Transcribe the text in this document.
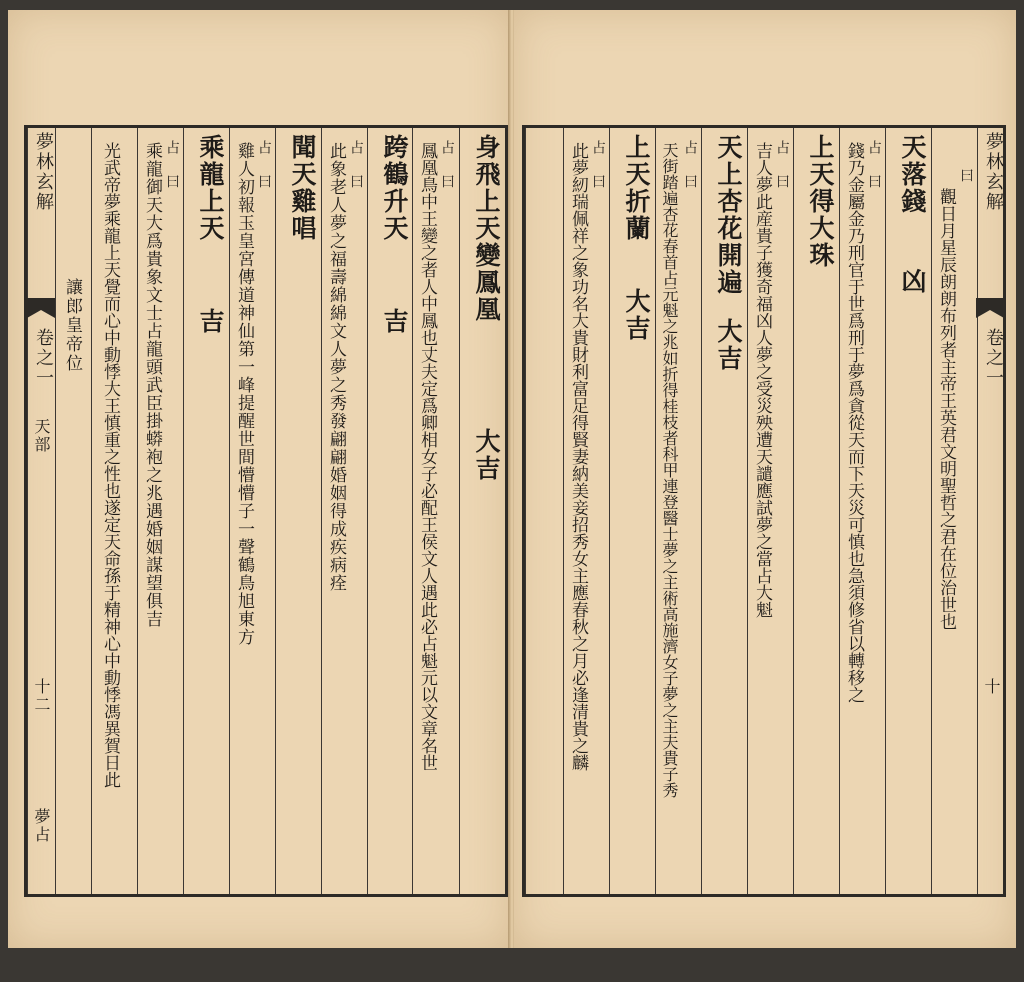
身飛上天變鳳凰
大吉
占 曰
鳳凰鳥中王變之者人中鳳也丈夫定爲卿相女子必配王侯文人遇此必占魁元以文章名世
跨鶴升天
吉
占 曰
此象老人夢之福壽綿綿文人夢之秀發翩翩婚姻得成疾病痊
聞天雞唱
占 曰
雞人初報玉皇宮傳道神仙第一峰提醒世間懵懵子一聲鶴鳥旭東方
乘龍上天
吉
占 曰
乘龍御天大爲貴象文士占龍頭武臣掛蟒袍之兆遇婚姻謀望俱吉
光武帝夢乘龍上天覺而心中動悸大王慎重之性也遂定天命孫于精神心中動悸馮異賀日此
讓郎皇帝位
夢林玄解
卷之一
天部
十二
夢占
夢林玄解
卷之一
十
曰
觀日月星辰朗朗布列者主帝王英君文明聖哲之君在位治世也
天落錢
凶
占 曰
錢乃金屬金乃刑官于世爲刑于夢爲貪從天而下天災可慎也急須修省以轉移之
上天得大珠
占 曰
吉人夢此産貴子獲奇福凶人夢之受災殃遭天譴應試夢之當占大魁
天上杏花開遍
大吉
占 曰
天街踏遍杏花春首占元魁之兆如折得桂枝者科甲連登醫士夢之主術高施濟女子夢之主夫貴子秀
上天折蘭
大吉
占 曰
此夢紉瑞佩祥之象功名大貴財利富足得賢妻納美妾招秀女主應春秋之月必逢清貴之麟
